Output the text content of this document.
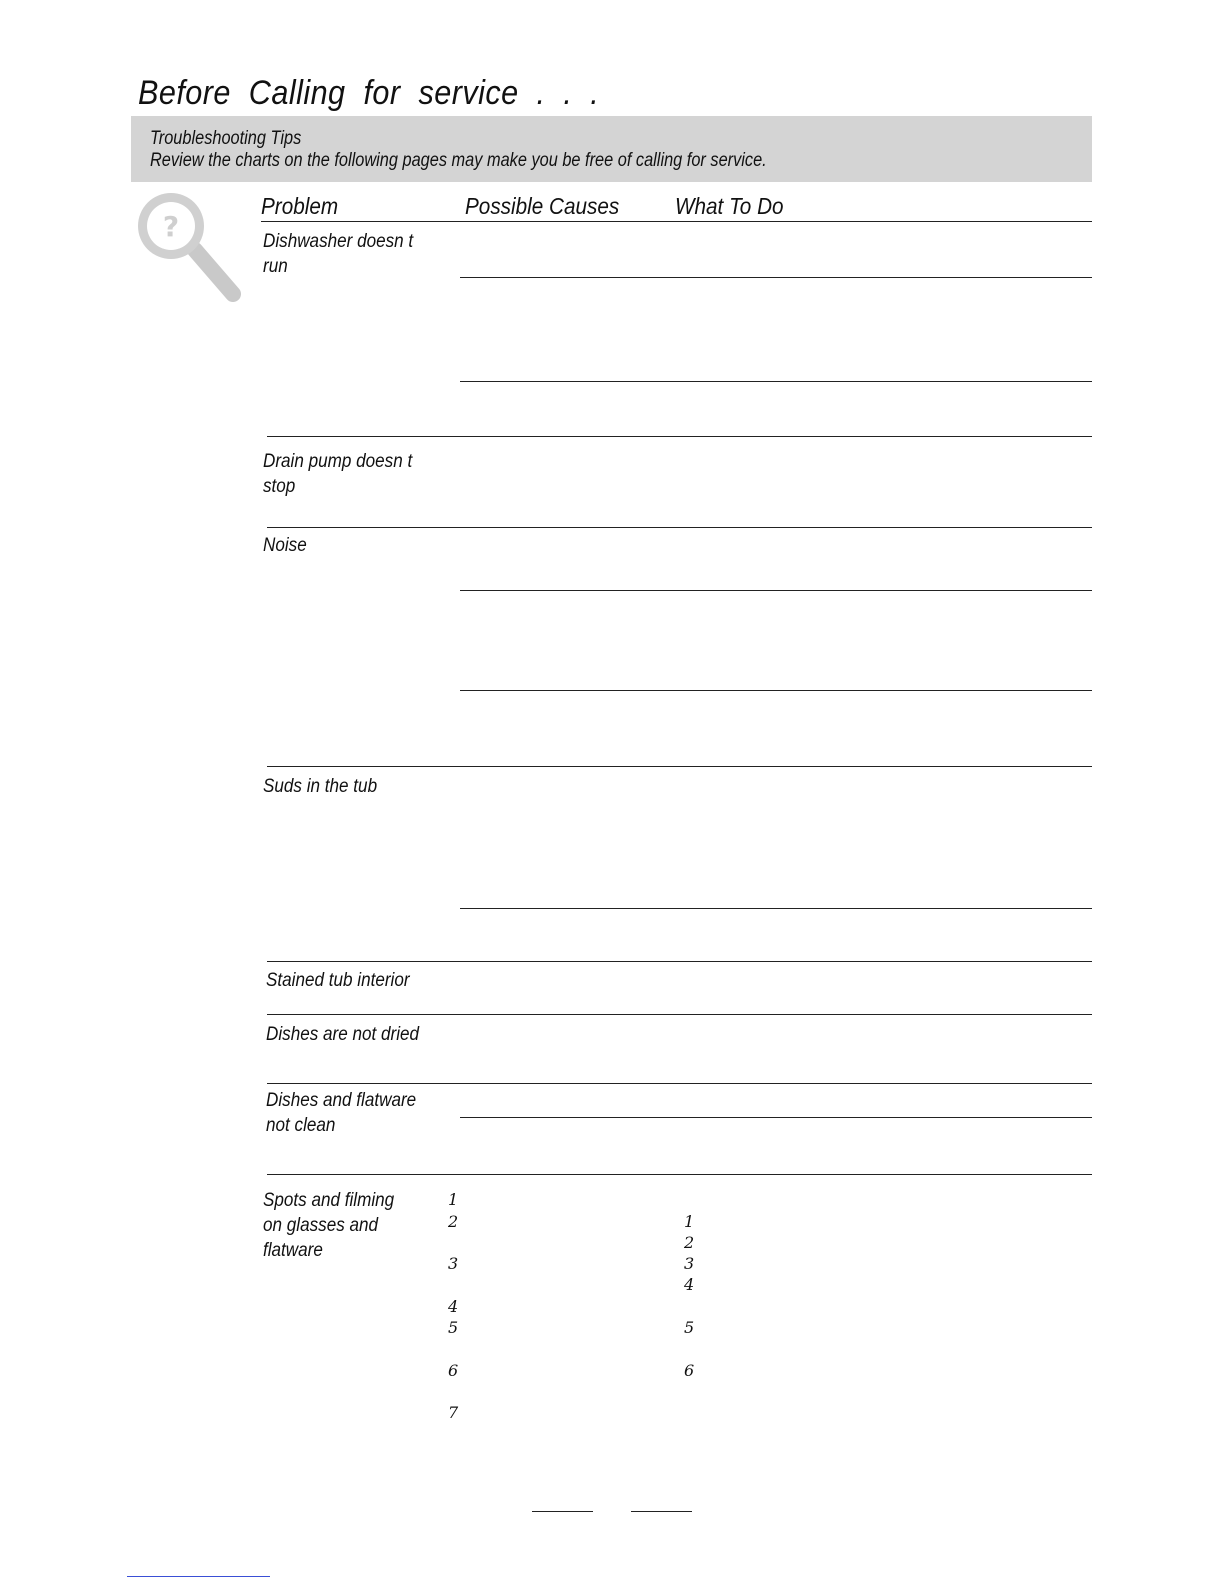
Before Calling for service . . .
Troubleshooting Tips
Review the charts on the following pages may make you be free of calling for service.
?
Problem	Possible Causes What To Do
Dishwasher doesn t
run
Drain pump doesn t
stop
Noise
Suds in the tub
Stained tub interior
Dishes are not dried
Dishes and flatware
not clean
Spots and filming
on glasses and
flatware
1
2
3
4
5
6
7
1
2
3
4
5
6
